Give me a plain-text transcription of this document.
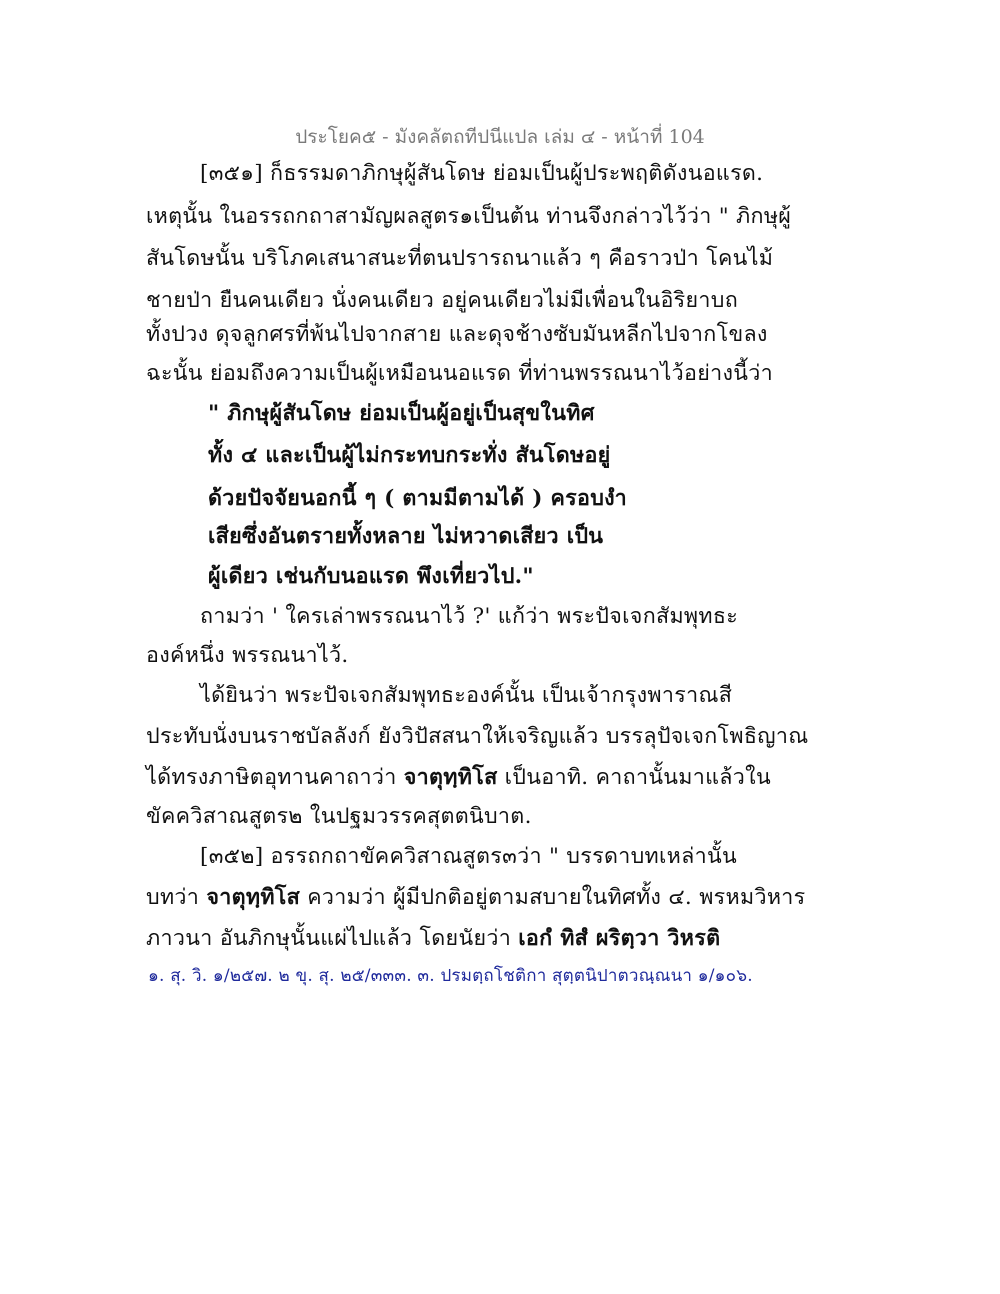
ประโยค๕ - มังคลัตถทีปนีแปล เล่ม ๔ - หน้าที่ 104
[๓๕๑] ก็ธรรมดาภิกษุผู้สันโดษ ย่อมเป็นผู้ประพฤติดังนอแรด.
เหตุนั้น ในอรรถกถาสามัญผลสูตร๑เป็นต้น ท่านจึงกล่าวไว้ว่า " ภิกษุผู้
สันโดษนั้น บริโภคเสนาสนะที่ตนปรารถนาแล้ว ๆ คือราวป่า โคนไม้
ชายป่า ยืนคนเดียว นั่งคนเดียว อยู่คนเดียวไม่มีเพื่อนในอิริยาบถ
ทั้งปวง ดุจลูกศรที่พ้นไปจากสาย และดุจช้างซับมันหลีกไปจากโขลง
ฉะนั้น ย่อมถึงความเป็นผู้เหมือนนอแรด ที่ท่านพรรณนาไว้อย่างนี้ว่า
" ภิกษุผู้สันโดษ ย่อมเป็นผู้อยู่เป็นสุขในทิศ
ทั้ง ๔ และเป็นผู้ไม่กระทบกระทั่ง สันโดษอยู่
ด้วยปัจจัยนอกนี้ ๆ ( ตามมีตามได้ ) ครอบงำ
เสียซึ่งอันตรายทั้งหลาย ไม่หวาดเสียว เป็น
ผู้เดียว เช่นกับนอแรด พึงเที่ยวไป."
ถามว่า ' ใครเล่าพรรณนาไว้ ?' แก้ว่า พระปัจเจกสัมพุทธะ
องค์หนึ่ง พรรณนาไว้.
ได้ยินว่า พระปัจเจกสัมพุทธะองค์นั้น เป็นเจ้ากรุงพาราณสี
ประทับนั่งบนราชบัลลังก์ ยังวิปัสสนาให้เจริญแล้ว บรรลุปัจเจกโพธิญาณ
ได้ทรงภาษิตอุทานคาถาว่า จาตุทฺทิโส เป็นอาทิ. คาถานั้นมาแล้วใน
ขัคควิสาณสูตร๒ ในปฐมวรรคสุตตนิบาต.
[๓๕๒] อรรถกถาขัคควิสาณสูตร๓ว่า " บรรดาบทเหล่านั้น
บทว่า จาตุทฺทิโส ความว่า ผู้มีปกติอยู่ตามสบายในทิศทั้ง ๔. พรหมวิหาร
ภาวนา อันภิกษุนั้นแผ่ไปแล้ว โดยนัยว่า เอกํ ทิสํ ผริตฺวา วิหรติ
๑. สุ. วิ. ๑/๒๕๗. ๒ ขุ. สุ. ๒๕/๓๓๓. ๓. ปรมตฺถโชติกา สุตฺตนิปาตวณฺณนา ๑/๑๐๖.
